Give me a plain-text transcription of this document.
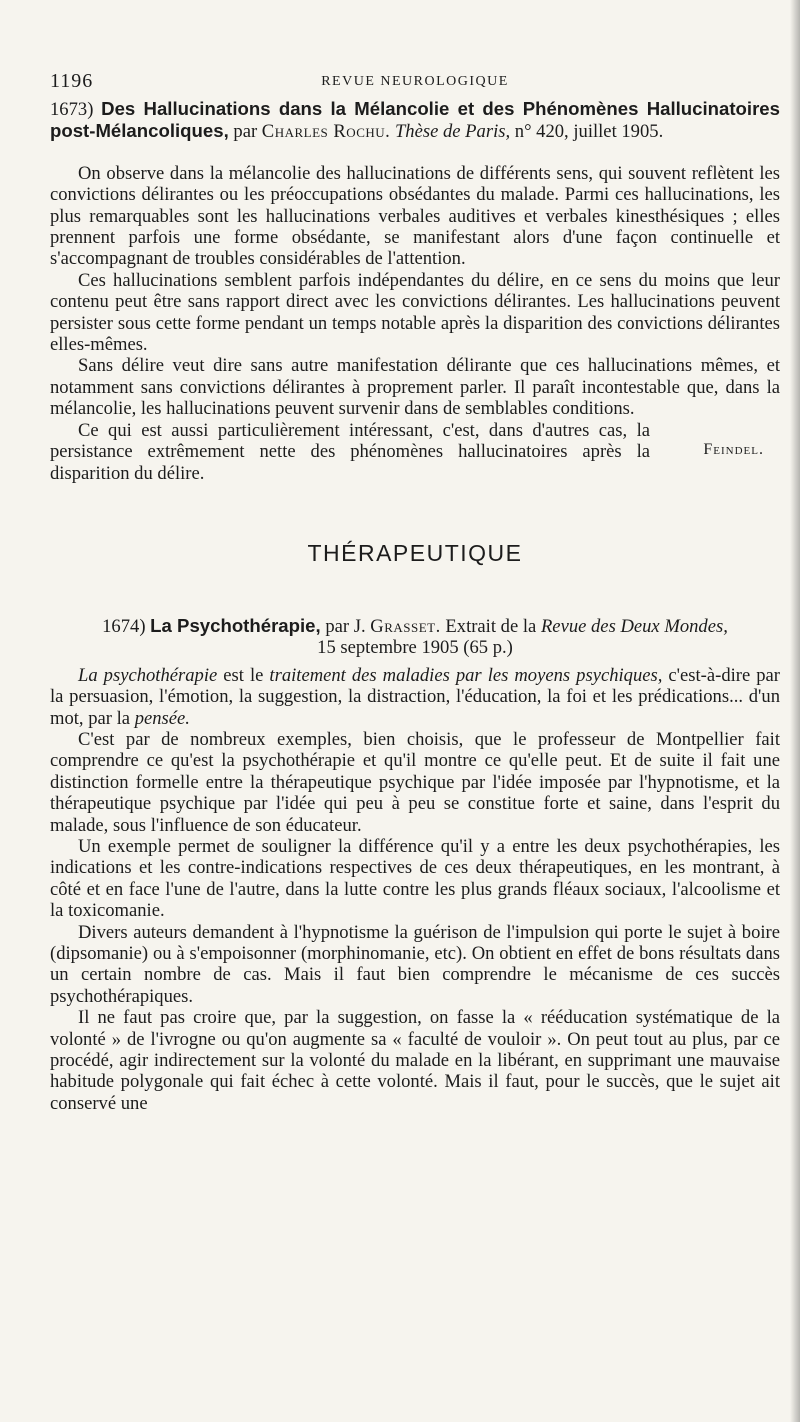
1196	REVUE NEUROLOGIQUE

1673) Des Hallucinations dans la Mélancolie et des Phénomènes Hallucinatoires post-Mélancoliques, par Charles Rochu. Thèse de Paris, n° 420, juillet 1905.

On observe dans la mélancolie des hallucinations de différents sens, qui souvent reflètent les convictions délirantes ou les préoccupations obsédantes du malade. Parmi ces hallucinations, les plus remarquables sont les hallucinations verbales auditives et verbales kinesthésiques ; elles prennent parfois une forme obsédante, se manifestant alors d'une façon continuelle et s'accompagnant de troubles considérables de l'attention.

Ces hallucinations semblent parfois indépendantes du délire, en ce sens du moins que leur contenu peut être sans rapport direct avec les convictions délirantes. Les hallucinations peuvent persister sous cette forme pendant un temps notable après la disparition des convictions délirantes elles-mêmes.

Sans délire veut dire sans autre manifestation délirante que ces hallucinations mêmes, et notamment sans convictions délirantes à proprement parler. Il paraît incontestable que, dans la mélancolie, les hallucinations peuvent survenir dans de semblables conditions.

Ce qui est aussi particulièrement intéressant, c'est, dans d'autres cas, la persistance extrêmement nette des phénomènes hallucinatoires après la disparition du délire.

Feindel.
THÉRAPEUTIQUE

1674) La Psychothérapie, par J. Grasset. Extrait de la Revue des Deux Mondes,
15 septembre 1905 (65 p.)

La psychothérapie est le traitement des maladies par les moyens psychiques, c'est-à-dire par la persuasion, l'émotion, la suggestion, la distraction, l'éducation, la foi et les prédications... d'un mot, par la pensée.

C'est par de nombreux exemples, bien choisis, que le professeur de Montpellier fait comprendre ce qu'est la psychothérapie et qu'il montre ce qu'elle peut. Et de suite il fait une distinction formelle entre la thérapeutique psychique par l'idée imposée par l'hypnotisme, et la thérapeutique psychique par l'idée qui peu à peu se constitue forte et saine, dans l'esprit du malade, sous l'influence de son éducateur.

Un exemple permet de souligner la différence qu'il y a entre les deux psychothérapies, les indications et les contre-indications respectives de ces deux thérapeutiques, en les montrant, à côté et en face l'une de l'autre, dans la lutte contre les plus grands fléaux sociaux, l'alcoolisme et la toxicomanie.

Divers auteurs demandent à l'hypnotisme la guérison de l'impulsion qui porte le sujet à boire (dipsomanie) ou à s'empoisonner (morphinomanie, etc). On obtient en effet de bons résultats dans un certain nombre de cas. Mais il faut bien comprendre le mécanisme de ces succès psychothérapiques.

Il ne faut pas croire que, par la suggestion, on fasse la « rééducation systématique de la volonté » de l'ivrogne ou qu'on augmente sa « faculté de vouloir ». On peut tout au plus, par ce procédé, agir indirectement sur la volonté du malade en la libérant, en supprimant une mauvaise habitude polygonale qui fait échec à cette volonté. Mais il faut, pour le succès, que le sujet ait conservé une
